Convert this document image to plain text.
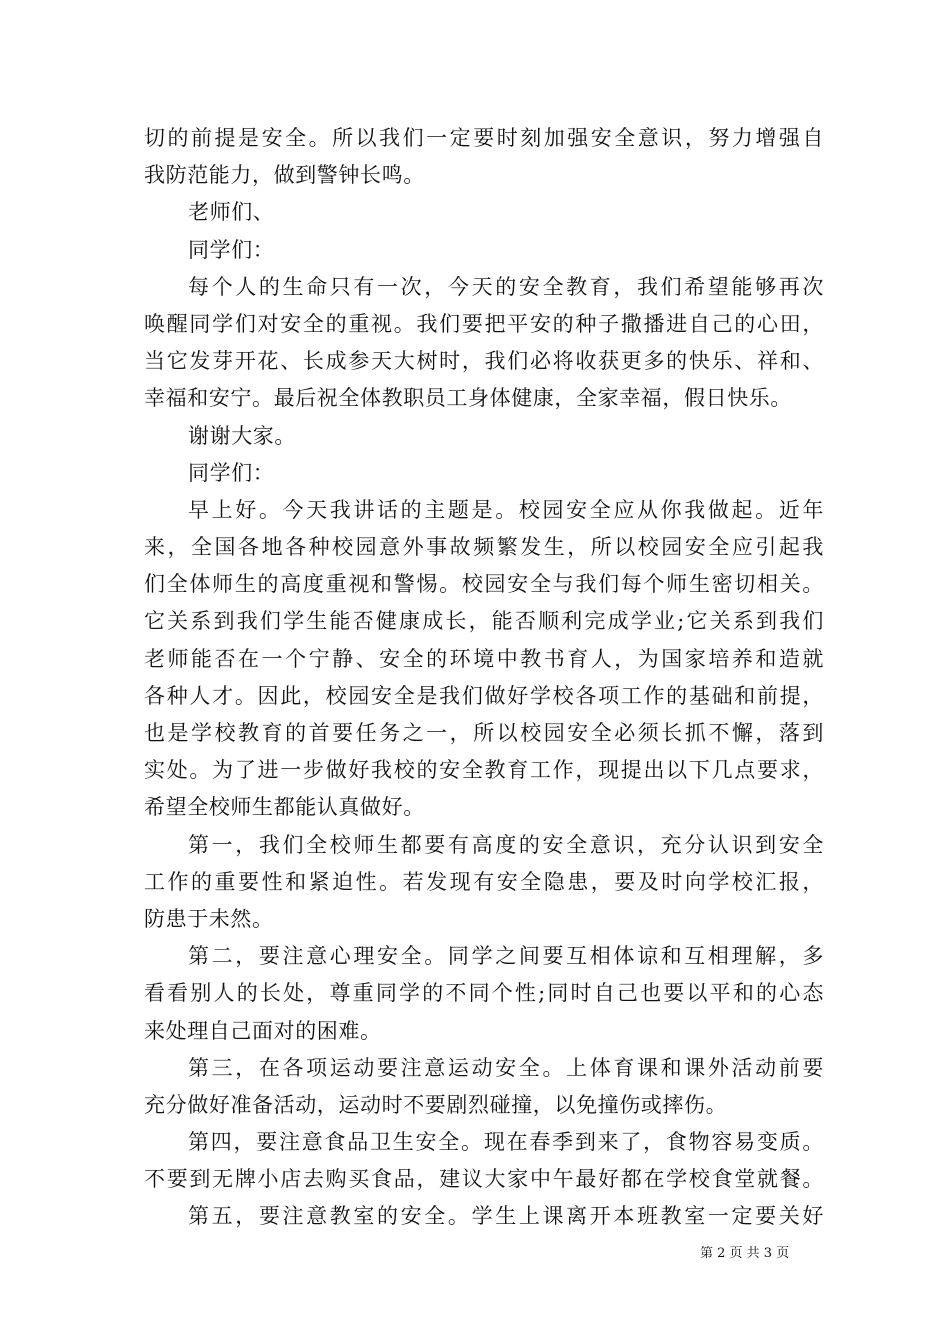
切的前提是安全。所以我们一定要时刻加强安全意识，努力增强自
我防范能力，做到警钟长鸣。
老师们、
同学们：
每个人的生命只有一次，今天的安全教育，我们希望能够再次
唤醒同学们对安全的重视。我们要把平安的种子撒播进自己的心田，
当它发芽开花、长成参天大树时，我们必将收获更多的快乐、祥和、
幸福和安宁。最后祝全体教职员工身体健康，全家幸福，假日快乐。
谢谢大家。
同学们：
早上好。今天我讲话的主题是。校园安全应从你我做起。近年
来，全国各地各种校园意外事故频繁发生，所以校园安全应引起我
们全体师生的高度重视和警惕。校园安全与我们每个师生密切相关。
它关系到我们学生能否健康成长，能否顺利完成学业;它关系到我们
老师能否在一个宁静、安全的环境中教书育人，为国家培养和造就
各种人才。因此，校园安全是我们做好学校各项工作的基础和前提，
也是学校教育的首要任务之一，所以校园安全必须长抓不懈，落到
实处。为了进一步做好我校的安全教育工作，现提出以下几点要求，
希望全校师生都能认真做好。
第一，我们全校师生都要有高度的安全意识，充分认识到安全
工作的重要性和紧迫性。若发现有安全隐患，要及时向学校汇报，
防患于未然。
第二，要注意心理安全。同学之间要互相体谅和互相理解，多
看看别人的长处，尊重同学的不同个性;同时自己也要以平和的心态
来处理自己面对的困难。
第三，在各项运动要注意运动安全。上体育课和课外活动前要
充分做好准备活动，运动时不要剧烈碰撞，以免撞伤或摔伤。
第四，要注意食品卫生安全。现在春季到来了，食物容易变质。
不要到无牌小店去购买食品，建议大家中午最好都在学校食堂就餐。
第五，要注意教室的安全。学生上课离开本班教室一定要关好
第 2 页 共 3 页
